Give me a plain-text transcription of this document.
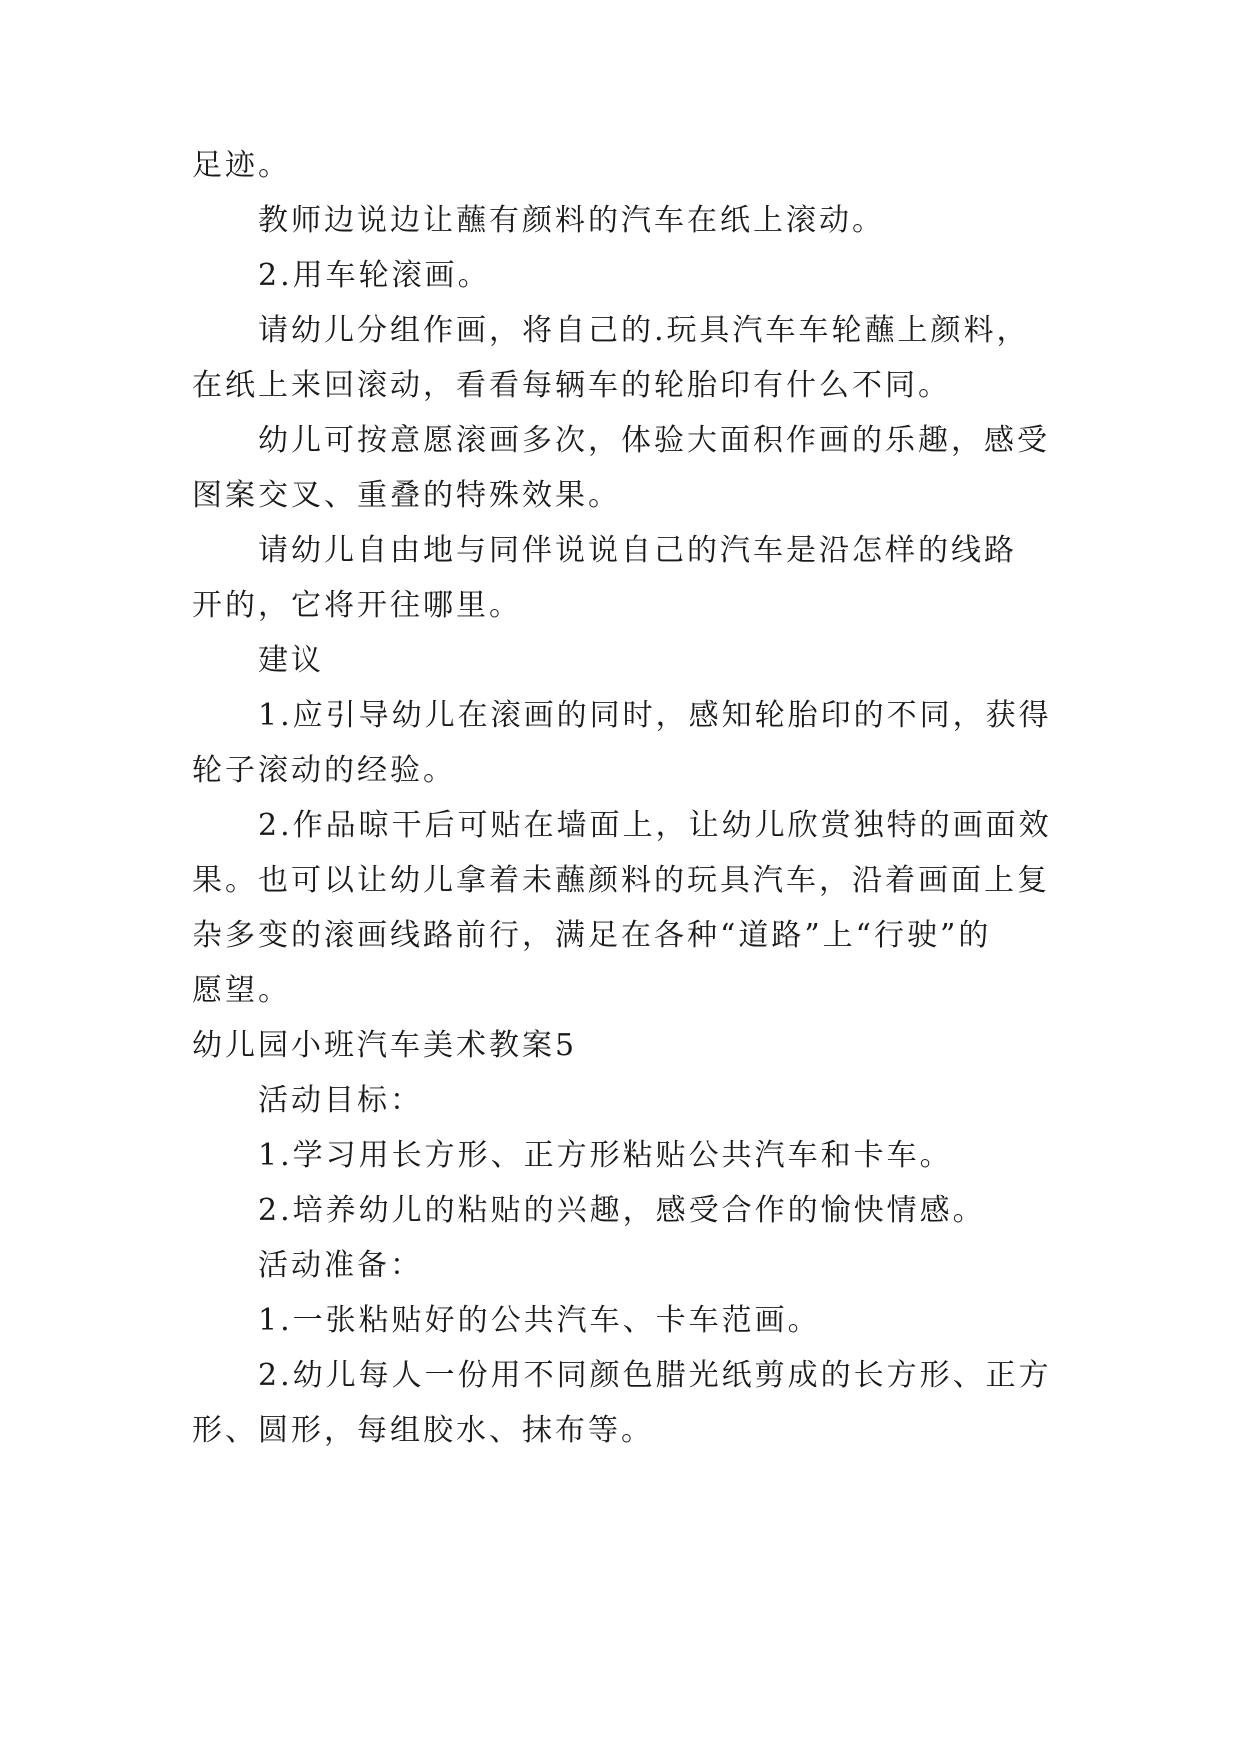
足迹。
教师边说边让蘸有颜料的汽车在纸上滚动。
2.用车轮滚画。
请幼儿分组作画，将自己的.玩具汽车车轮蘸上颜料，
在纸上来回滚动，看看每辆车的轮胎印有什么不同。
幼儿可按意愿滚画多次，体验大面积作画的乐趣，感受
图案交叉、重叠的特殊效果。
请幼儿自由地与同伴说说自己的汽车是沿怎样的线路
开的，它将开往哪里。
建议
1.应引导幼儿在滚画的同时，感知轮胎印的不同，获得
轮子滚动的经验。
2.作品晾干后可贴在墙面上，让幼儿欣赏独特的画面效
果。也可以让幼儿拿着未蘸颜料的玩具汽车，沿着画面上复
杂多变的滚画线路前行，满足在各种“道路”上“行驶”的
愿望。
幼儿园小班汽车美术教案5
活动目标：
1.学习用长方形、正方形粘贴公共汽车和卡车。
2.培养幼儿的粘贴的兴趣，感受合作的愉快情感。
活动准备：
1.一张粘贴好的公共汽车、卡车范画。
2.幼儿每人一份用不同颜色腊光纸剪成的长方形、正方
形、圆形，每组胶水、抹布等。
